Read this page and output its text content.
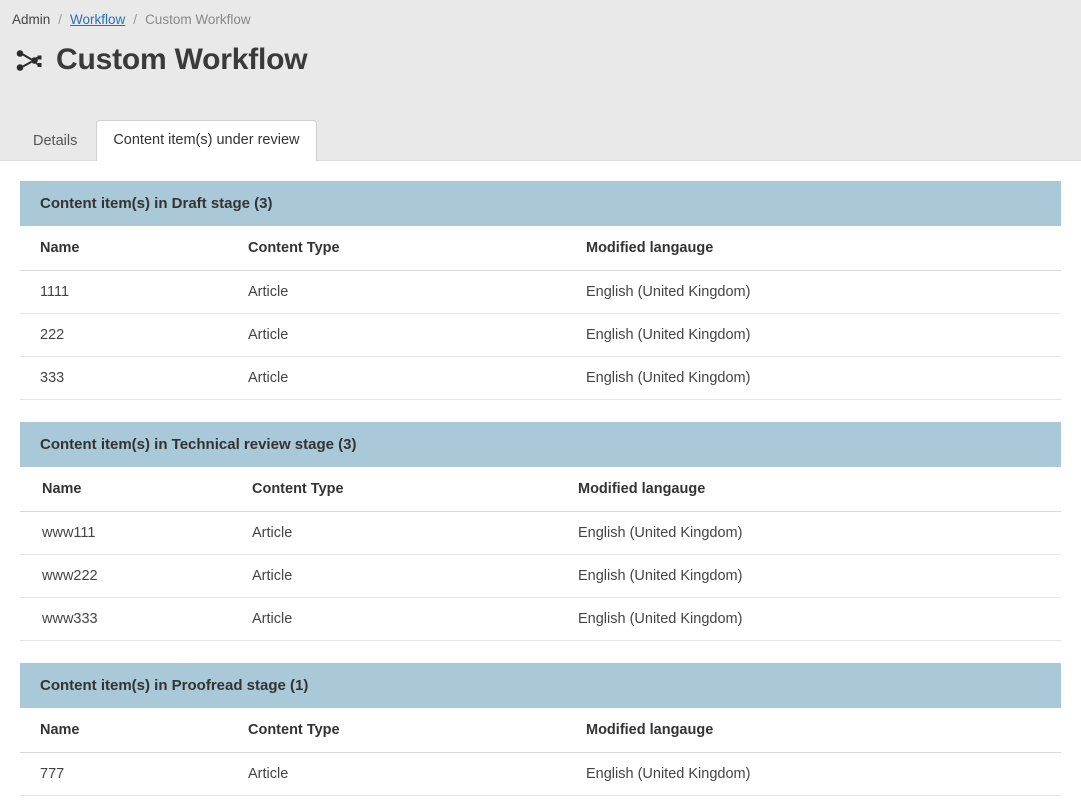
Admin / Workflow / Custom Workflow
Custom Workflow
Details	Content item(s) under review
Content item(s) in Draft stage (3)
Name	Content Type	Modified langauge
1111	Article	English (United Kingdom)
222	Article	English (United Kingdom)
333	Article	English (United Kingdom)
Content item(s) in Technical review stage (3)
Name	Content Type	Modified langauge
www111	Article	English (United Kingdom)
www222	Article	English (United Kingdom)
www333	Article	English (United Kingdom)
Content item(s) in Proofread stage (1)
Name	Content Type	Modified langauge
777	Article	English (United Kingdom)
